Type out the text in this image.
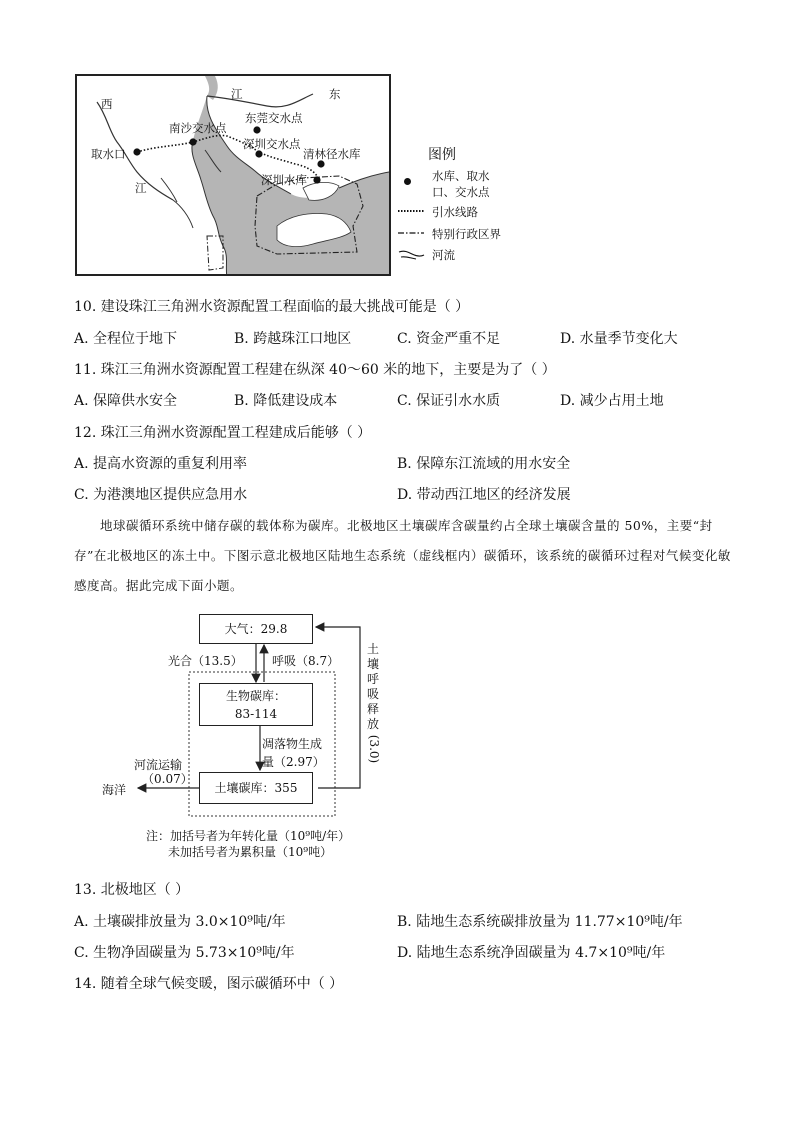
西
江
江	东
南沙交水点
东莞交水点
深圳交水点
清林径水库
深圳水库
取水口	图例
水库、取水
口、交水点
引水线路
特别行政区界
河流
10. 建设珠江三角洲水资源配置工程面临的最大挑战可能是（ ）
A. 全程位于地下	B. 跨越珠江口地区	C. 资金严重不足	D. 水量季节变化大
11. 珠江三角洲水资源配置工程建在纵深 40～60 米的地下，主要是为了（ ）
A. 保障供水安全	B. 降低建设成本	C. 保证引水水质	D. 减少占用土地
12. 珠江三角洲水资源配置工程建成后能够（ ）
A. 提高水资源的重复利用率	B. 保障东江流域的用水安全
C. 为港澳地区提供应急用水	D. 带动西江地区的经济发展
地球碳循环系统中储存碳的载体称为碳库。北极地区土壤碳库含碳量约占全球土壤碳含量的 50%，主要“封存”在北极地区的冻土中。下图示意北极地区陆地生态系统（虚线框内）碳循环，该系统的碳循环过程对气候变化敏感度高。据此完成下面小题。
大气：29.8
生物碳库：
83-114
土壤碳库：355
光合（13.5） 呼吸（8.7）
凋落物生成
量（2.97）
河流运输
（0.07）
海洋
土壤呼吸释放
(3.0)
注：加括号者为年转化量（10⁹吨/年）
未加括号者为累积量（10⁹吨）
13. 北极地区（ ）
A. 土壤碳排放量为 3.0×10⁹吨/年	B. 陆地生态系统碳排放量为 11.77×10⁹吨/年
C. 生物净固碳量为 5.73×10⁹吨/年	D. 陆地生态系统净固碳量为 4.7×10⁹吨/年
14. 随着全球气候变暖，图示碳循环中（ ）
